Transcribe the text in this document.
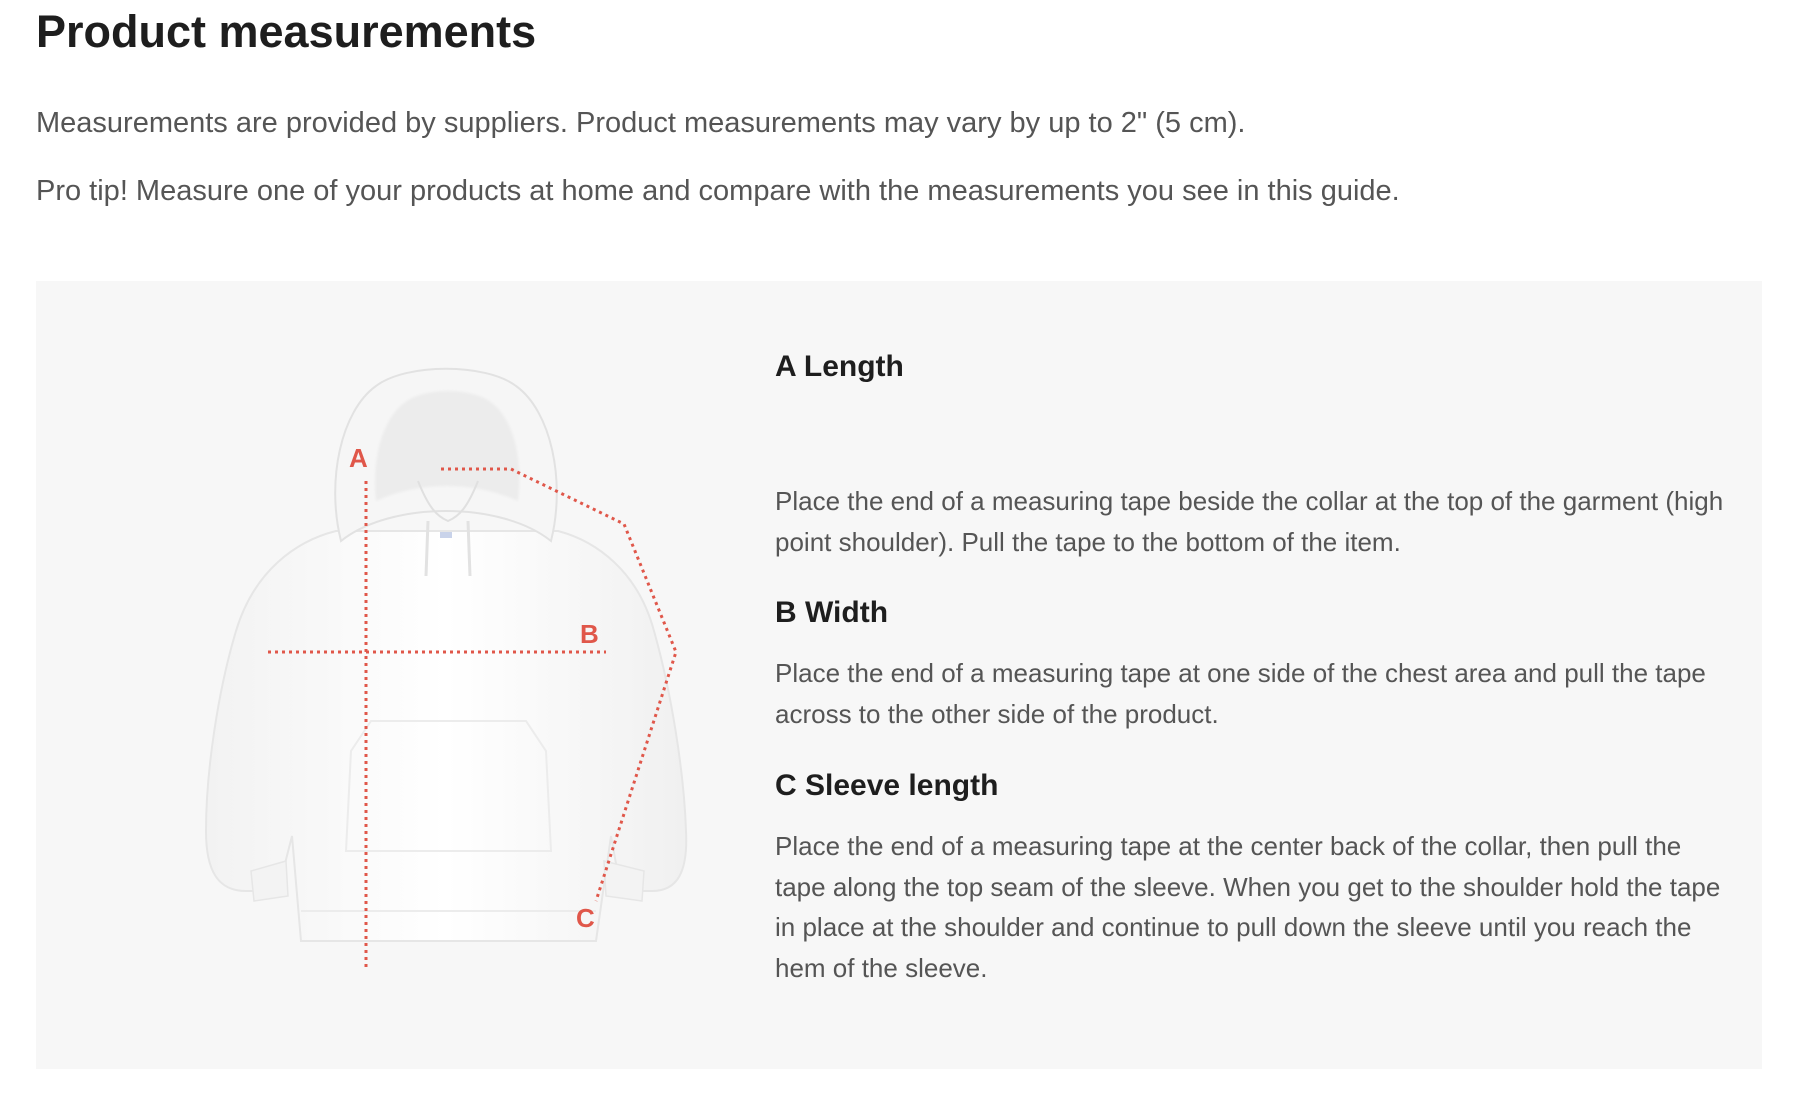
Product measurements

Measurements are provided by suppliers. Product measurements may vary by up to 2" (5 cm).

Pro tip! Measure one of your products at home and compare with the measurements you see in this guide.

A
B
C
A Length

Place the end of a measuring tape beside the collar at the top of the garment (high point shoulder). Pull the tape to the bottom of the item.

B Width

Place the end of a measuring tape at one side of the chest area and pull the tape across to the other side of the product.

C Sleeve length

Place the end of a measuring tape at the center back of the collar, then pull the tape along the top seam of the sleeve. When you get to the shoulder hold the tape in place at the shoulder and continue to pull down the sleeve until you reach the hem of the sleeve.
